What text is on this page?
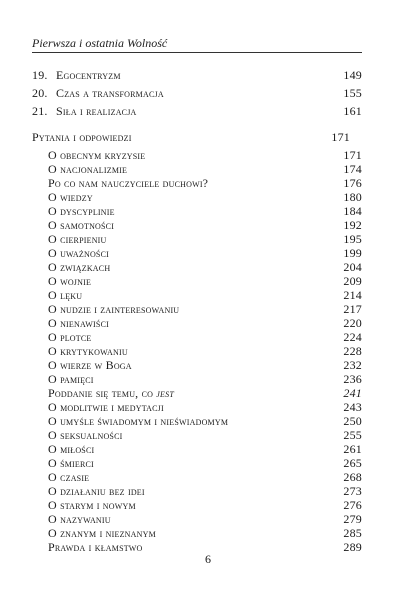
Pierwsza i ostatnia Wolność
19. Egocentryzm	149
20. Czas a transformacja	155
21. Siła i realizacja	161
Pytania i odpowiedzi	171
O obecnym kryzysie	171
O nacjonalizmie	174
Po co nam nauczyciele duchowi?	176
O wiedzy	180
O dyscyplinie	184
O samotności	192
O cierpieniu	195
O uważności	199
O związkach	204
O wojnie	209
O lęku	214
O nudzie i zainteresowaniu	217
O nienawiści	220
O plotce	224
O krytykowaniu	228
O wierze w Boga	232
O pamięci	236
Poddanie się temu, co jest	241
O modlitwie i medytacji	243
O umyśle świadomym i nieświadomym	250
O seksualności	255
O miłości	261
O śmierci	265
O czasie	268
O działaniu bez idei	273
O starym i nowym	276
O nazywaniu	279
O znanym i nieznanym	285
Prawda i kłamstwo	289
6
